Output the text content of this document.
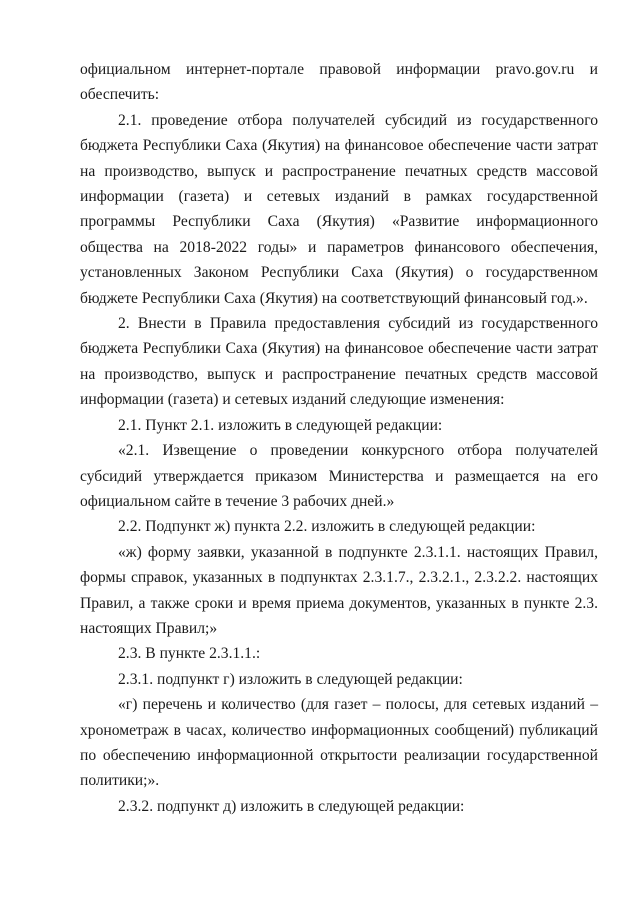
официальном интернет-портале правовой информации pravo.gov.ru и обеспечить:

2.1. проведение отбора получателей субсидий из государственного бюджета Республики Саха (Якутия) на финансовое обеспечение части затрат на производство, выпуск и распространение печатных средств массовой информации (газета) и сетевых изданий в рамках государственной программы Республики Саха (Якутия) «Развитие информационного общества на 2018-2022 годы» и параметров финансового обеспечения, установленных Законом Республики Саха (Якутия) о государственном бюджете Республики Саха (Якутия) на соответствующий финансовый год.».

2. Внести в Правила предоставления субсидий из государственного бюджета Республики Саха (Якутия) на финансовое обеспечение части затрат на производство, выпуск и распространение печатных средств массовой информации (газета) и сетевых изданий следующие изменения:

2.1. Пункт 2.1. изложить в следующей редакции:

«2.1. Извещение о проведении конкурсного отбора получателей субсидий утверждается приказом Министерства и размещается на его официальном сайте в течение 3 рабочих дней.»

2.2. Подпункт ж) пункта 2.2. изложить в следующей редакции:

«ж) форму заявки, указанной в подпункте 2.3.1.1. настоящих Правил, формы справок, указанных в подпунктах 2.3.1.7., 2.3.2.1., 2.3.2.2. настоящих Правил, а также сроки и время приема документов, указанных в пункте 2.3. настоящих Правил;»

2.3. В пункте 2.3.1.1.:

2.3.1. подпункт г) изложить в следующей редакции:

«г) перечень и количество (для газет – полосы, для сетевых изданий – хронометраж в часах, количество информационных сообщений) публикаций по обеспечению информационной открытости реализации государственной политики;».

2.3.2. подпункт д) изложить в следующей редакции:
